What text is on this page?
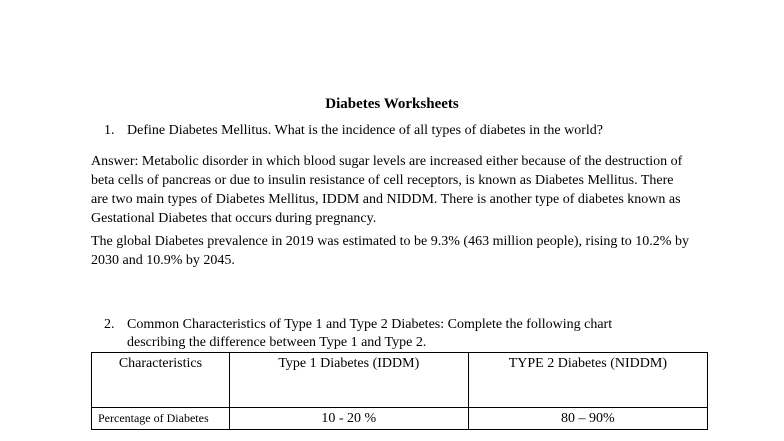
Diabetes Worksheets
1. Define Diabetes Mellitus. What is the incidence of all types of diabetes in the world?

Answer: Metabolic disorder in which blood sugar levels are increased either because of the destruction of beta cells of pancreas or due to insulin resistance of cell receptors, is known as Diabetes Mellitus. There are two main types of Diabetes Mellitus, IDDM and NIDDM. There is another type of diabetes known as Gestational Diabetes that occurs during pregnancy.

The global Diabetes prevalence in 2019 was estimated to be 9.3% (463 million people), rising to 10.2% by 2030 and 10.9% by 2045.

2. Common Characteristics of Type 1 and Type 2 Diabetes: Complete the following chart
describing the difference between Type 1 and Type 2.
Characteristics	Type 1 Diabetes (IDDM)	TYPE 2 Diabetes (NIDDM)
Percentage of Diabetes	10 - 20 %	80 – 90%
